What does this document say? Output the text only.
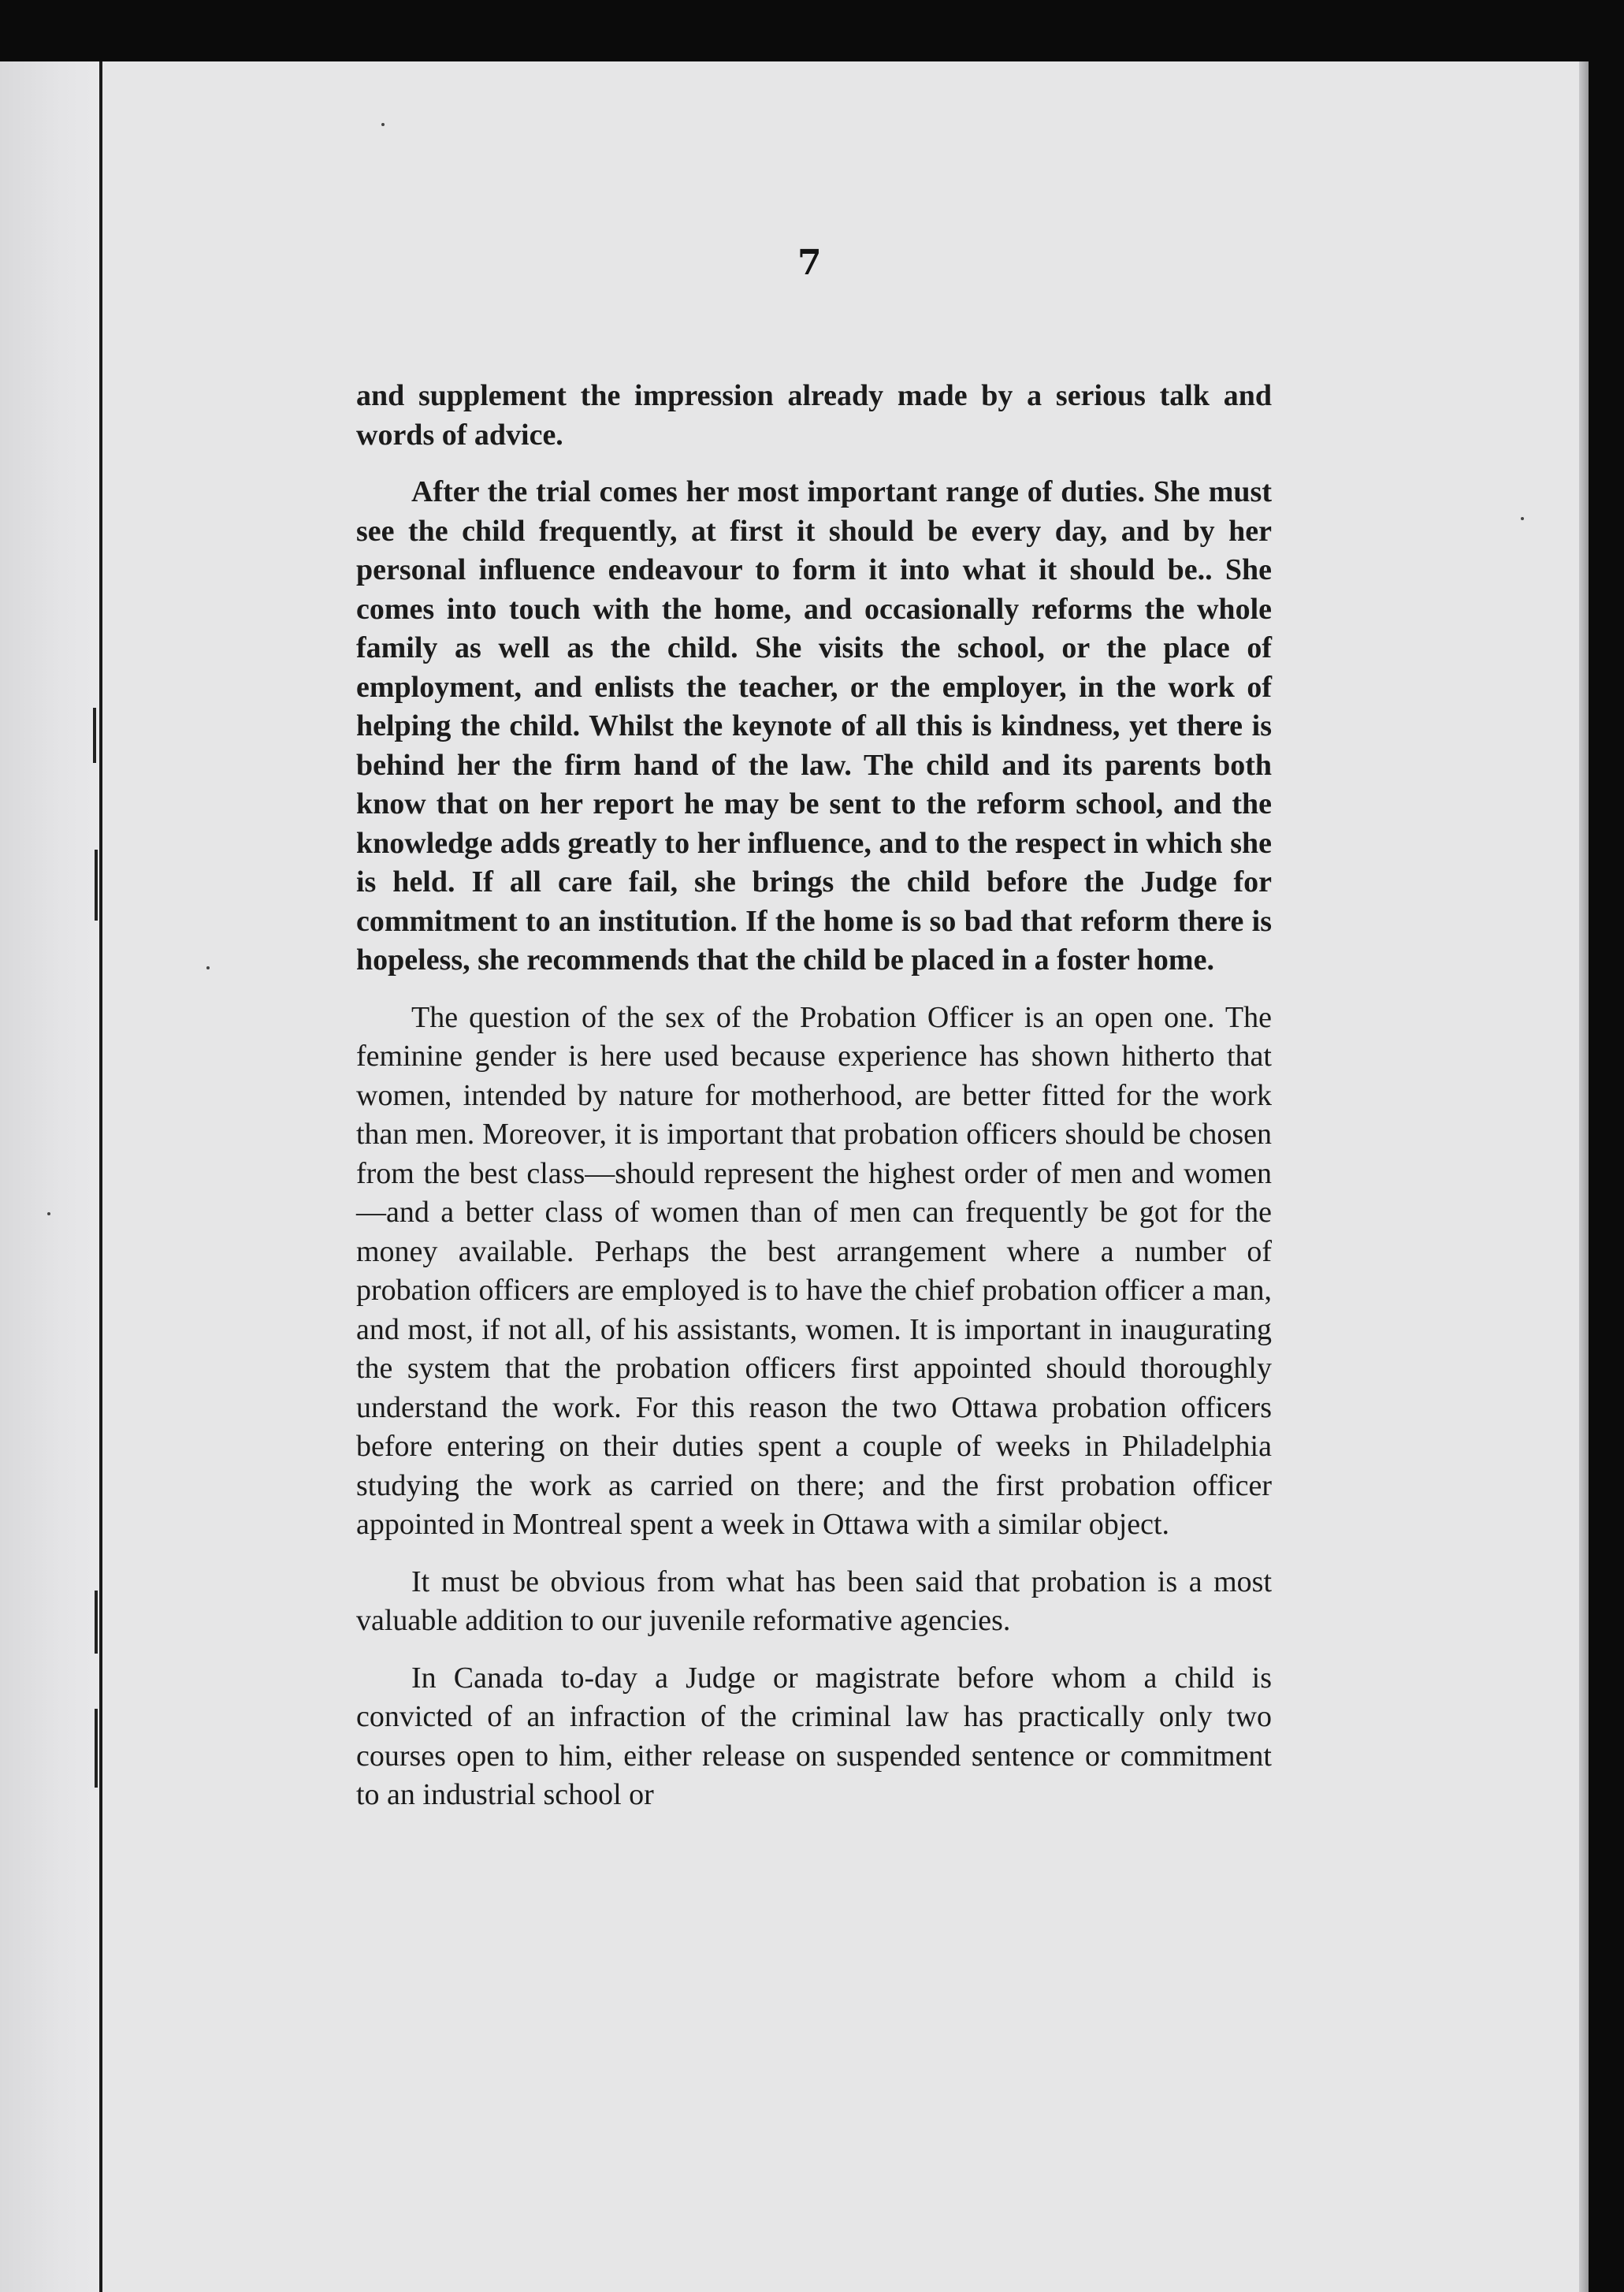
7

and supplement the impression already made by a serious talk and words of advice.

After the trial comes her most important range of duties. She must see the child frequently, at first it should be every day, and by her personal influence endeavour to form it into what it should be.. She comes into touch with the home, and occasionally reforms the whole family as well as the child. She visits the school, or the place of employment, and enlists the teacher, or the employer, in the work of helping the child. Whilst the keynote of all this is kindness, yet there is behind her the firm hand of the law. The child and its parents both know that on her report he may be sent to the reform school, and the knowledge adds greatly to her influence, and to the respect in which she is held. If all care fail, she brings the child before the Judge for commitment to an institution. If the home is so bad that reform there is hopeless, she recommends that the child be placed in a foster home.

The question of the sex of the Probation Officer is an open one. The feminine gender is here used because experience has shown hitherto that women, intended by nature for motherhood, are better fitted for the work than men. Moreover, it is important that probation officers should be chosen from the best class—should represent the highest order of men and women—and a better class of women than of men can frequently be got for the money available. Perhaps the best arrangement where a number of probation officers are employed is to have the chief probation officer a man, and most, if not all, of his assistants, women. It is important in inaugurating the system that the probation officers first appointed should thoroughly understand the work. For this reason the two Ottawa probation officers before entering on their duties spent a couple of weeks in Philadelphia studying the work as carried on there; and the first probation officer appointed in Montreal spent a week in Ottawa with a similar object.

It must be obvious from what has been said that probation is a most valuable addition to our juvenile reformative agencies.

In Canada to-day a Judge or magistrate before whom a child is convicted of an infraction of the criminal law has practically only two courses open to him, either release on suspended sentence or commitment to an industrial school or
